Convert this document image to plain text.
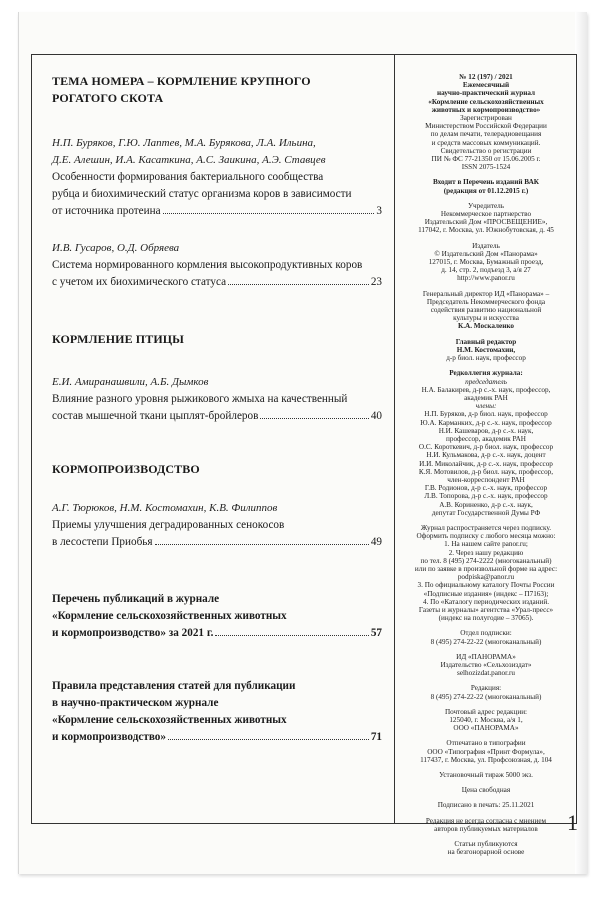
ТЕМА НОМЕРА – КОРМЛЕНИЕ КРУПНОГО
РОГАТОГО СКОТА
Н.П. Буряков, Г.Ю. Лаптев, М.А. Бурякова, Л.А. Ильина,
Д.Е. Алешин, И.А. Касаткина, А.С. Заикина, А.Э. Ставцев
Особенности формирования бактериального сообщества
рубца и биохимический статус организма коров в зависимости
от источника протеина	3
И.В. Гусаров, О.Д. Обряева
Система нормированного кормления высокопродуктивных коров
с учетом их биохимического статуса	23
КОРМЛЕНИЕ ПТИЦЫ
Е.И. Амиранашвили, А.Б. Дымков
Влияние разного уровня рыжикового жмыха на качественный
состав мышечной ткани цыплят-бройлеров	40
КОРМОПРОИЗВОДСТВО
А.Г. Тюрюков, Н.М. Костомахин, К.В. Филиппов
Приемы улучшения деградированных сенокосов
в лесостепи Приобья	49
Перечень публикаций в журнале
«Кормление сельскохозяйственных животных
и кормопроизводство» за 2021 г.	57
Правила представления статей для публикации
в научно-практическом журнале
«Кормление сельскохозяйственных животных
и кормопроизводство»	71

№ 12 (197) / 2021

Ежемесячный

научно-практический журнал

«Кормление сельскохозяйственных

животных и кормопроизводство»

Зарегистрирован

Министерством Российской Федерации

по делам печати, телерадиовещания

и средств массовых коммуникаций.

Свидетельство о регистрации

ПИ № ФС 77-21350 от 15.06.2005 г.

ISSN 2075-1524

Входит в Перечень изданий ВАК

(редакция от 01.12.2015 г.)

Учредитель

Некоммерческое партнерство

Издательский Дом «ПРОСВЕЩЕНИЕ»,

117042, г. Москва, ул. Южнобутовская, д. 45

Издатель

© Издательский Дом «Панорама»

127015, г. Москва, Бумажный проезд,

д. 14, стр. 2, подъезд 3, а/я 27

http://www.panor.ru

Генеральный директор ИД «Панорама» –

Председатель Некоммерческого фонда

содействия развитию национальной

культуры и искусства

К.А. Москаленко

Главный редактор

Н.М. Костомахин,

д-р биол. наук, профессор

Редколлегия журнала:

председатель

Н.А. Балакирев, д-р с.-х. наук, профессор,

академик РАН

члены:

Н.П. Буряков, д-р биол. наук, профессор

Ю.А. Карманких, д-р с.-х. наук, профессор

Н.И. Кашеваров, д-р с.-х. наук,

профессор, академик РАН

О.С. Короткевич, д-р биол. наук, профессор

Н.И. Кульмакова, д-р с.-х. наук, доцент

И.И. Миколайчик, д-р с.-х. наук, профессор

К.Я. Мотовилов, д-р биол. наук, профессор,

член-корреспондент РАН

Г.В. Родионов, д-р с.-х. наук, профессор

Л.В. Топорова, д-р с.-х. наук, профессор

А.В. Кориненко, д-р с.-х. наук,

депутат Государственной Думы РФ

Журнал распространяется через подписку.

Оформить подписку с любого месяца можно:

1. На нашем сайте panor.ru;

2. Через нашу редакцию

по тел. 8 (495) 274-2222 (многоканальный)

или по заявке в произвольной форме на адрес:

podpiska@panor.ru

3. По официальному каталогу Почты России

«Подписные издания» (индекс – П7163);

4. По «Каталогу периодических изданий.

Газеты и журналы» агентства «Урал-пресс»

(индекс на полугодие – 37065).

Отдел подписки:

8 (495) 274-22-22 (многоканальный)

ИД «ПАНОРАМА»

Издательство «Сельхозиздат»

selhozizdat.panor.ru

Редакция:

8 (495) 274-22-22 (многоканальный)

Почтовый адрес редакции:

125040, г. Москва, а/я 1,

ООО «ПАНОРАМА»

Отпечатано в типографии

ООО «Типография «Принт Формула»,

117437, г. Москва, ул. Профсоюзная, д. 104

Установочный тираж 5000 экз.

Цена свободная

Подписано в печать: 25.11.2021

Редакция не всегда согласна с мнением

авторов публикуемых материалов

Статьи публикуются

на безгонорарной основе

1
